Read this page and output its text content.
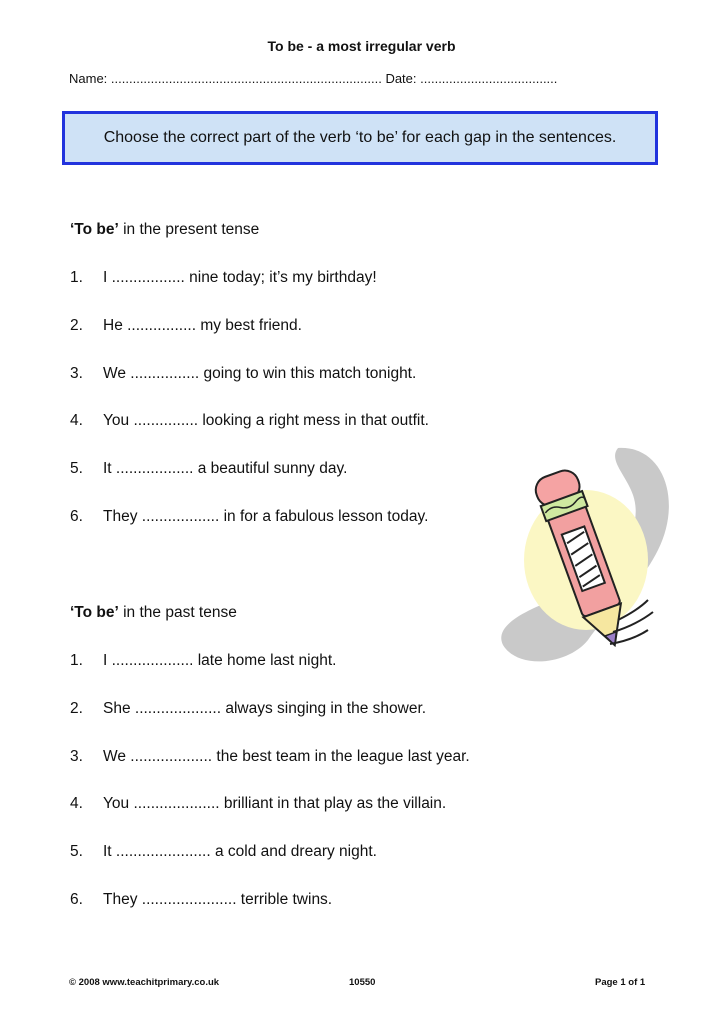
To be - a most irregular verb
Name: ........................................................................... Date: ......................................
Choose the correct part of the verb ‘to be’ for each gap in the sentences.
‘To be’ in the present tense
1. I ................. nine today; it’s my birthday!
2. He ................ my best friend.
3. We ................ going to win this match tonight.
4. You ............... looking a right mess in that outfit.
5. It .................. a beautiful sunny day.
6. They .................. in for a fabulous lesson today.
‘To be’ in the past tense
1. I ................... late home last night.
2. She .................... always singing in the shower.
3. We ................... the best team in the league last year.
4. You .................... brilliant in that play as the villain.
5. It ...................... a cold and dreary night.
6. They ...................... terrible twins.
© 2008 www.teachitprimary.co.uk	10550	Page 1 of 1
